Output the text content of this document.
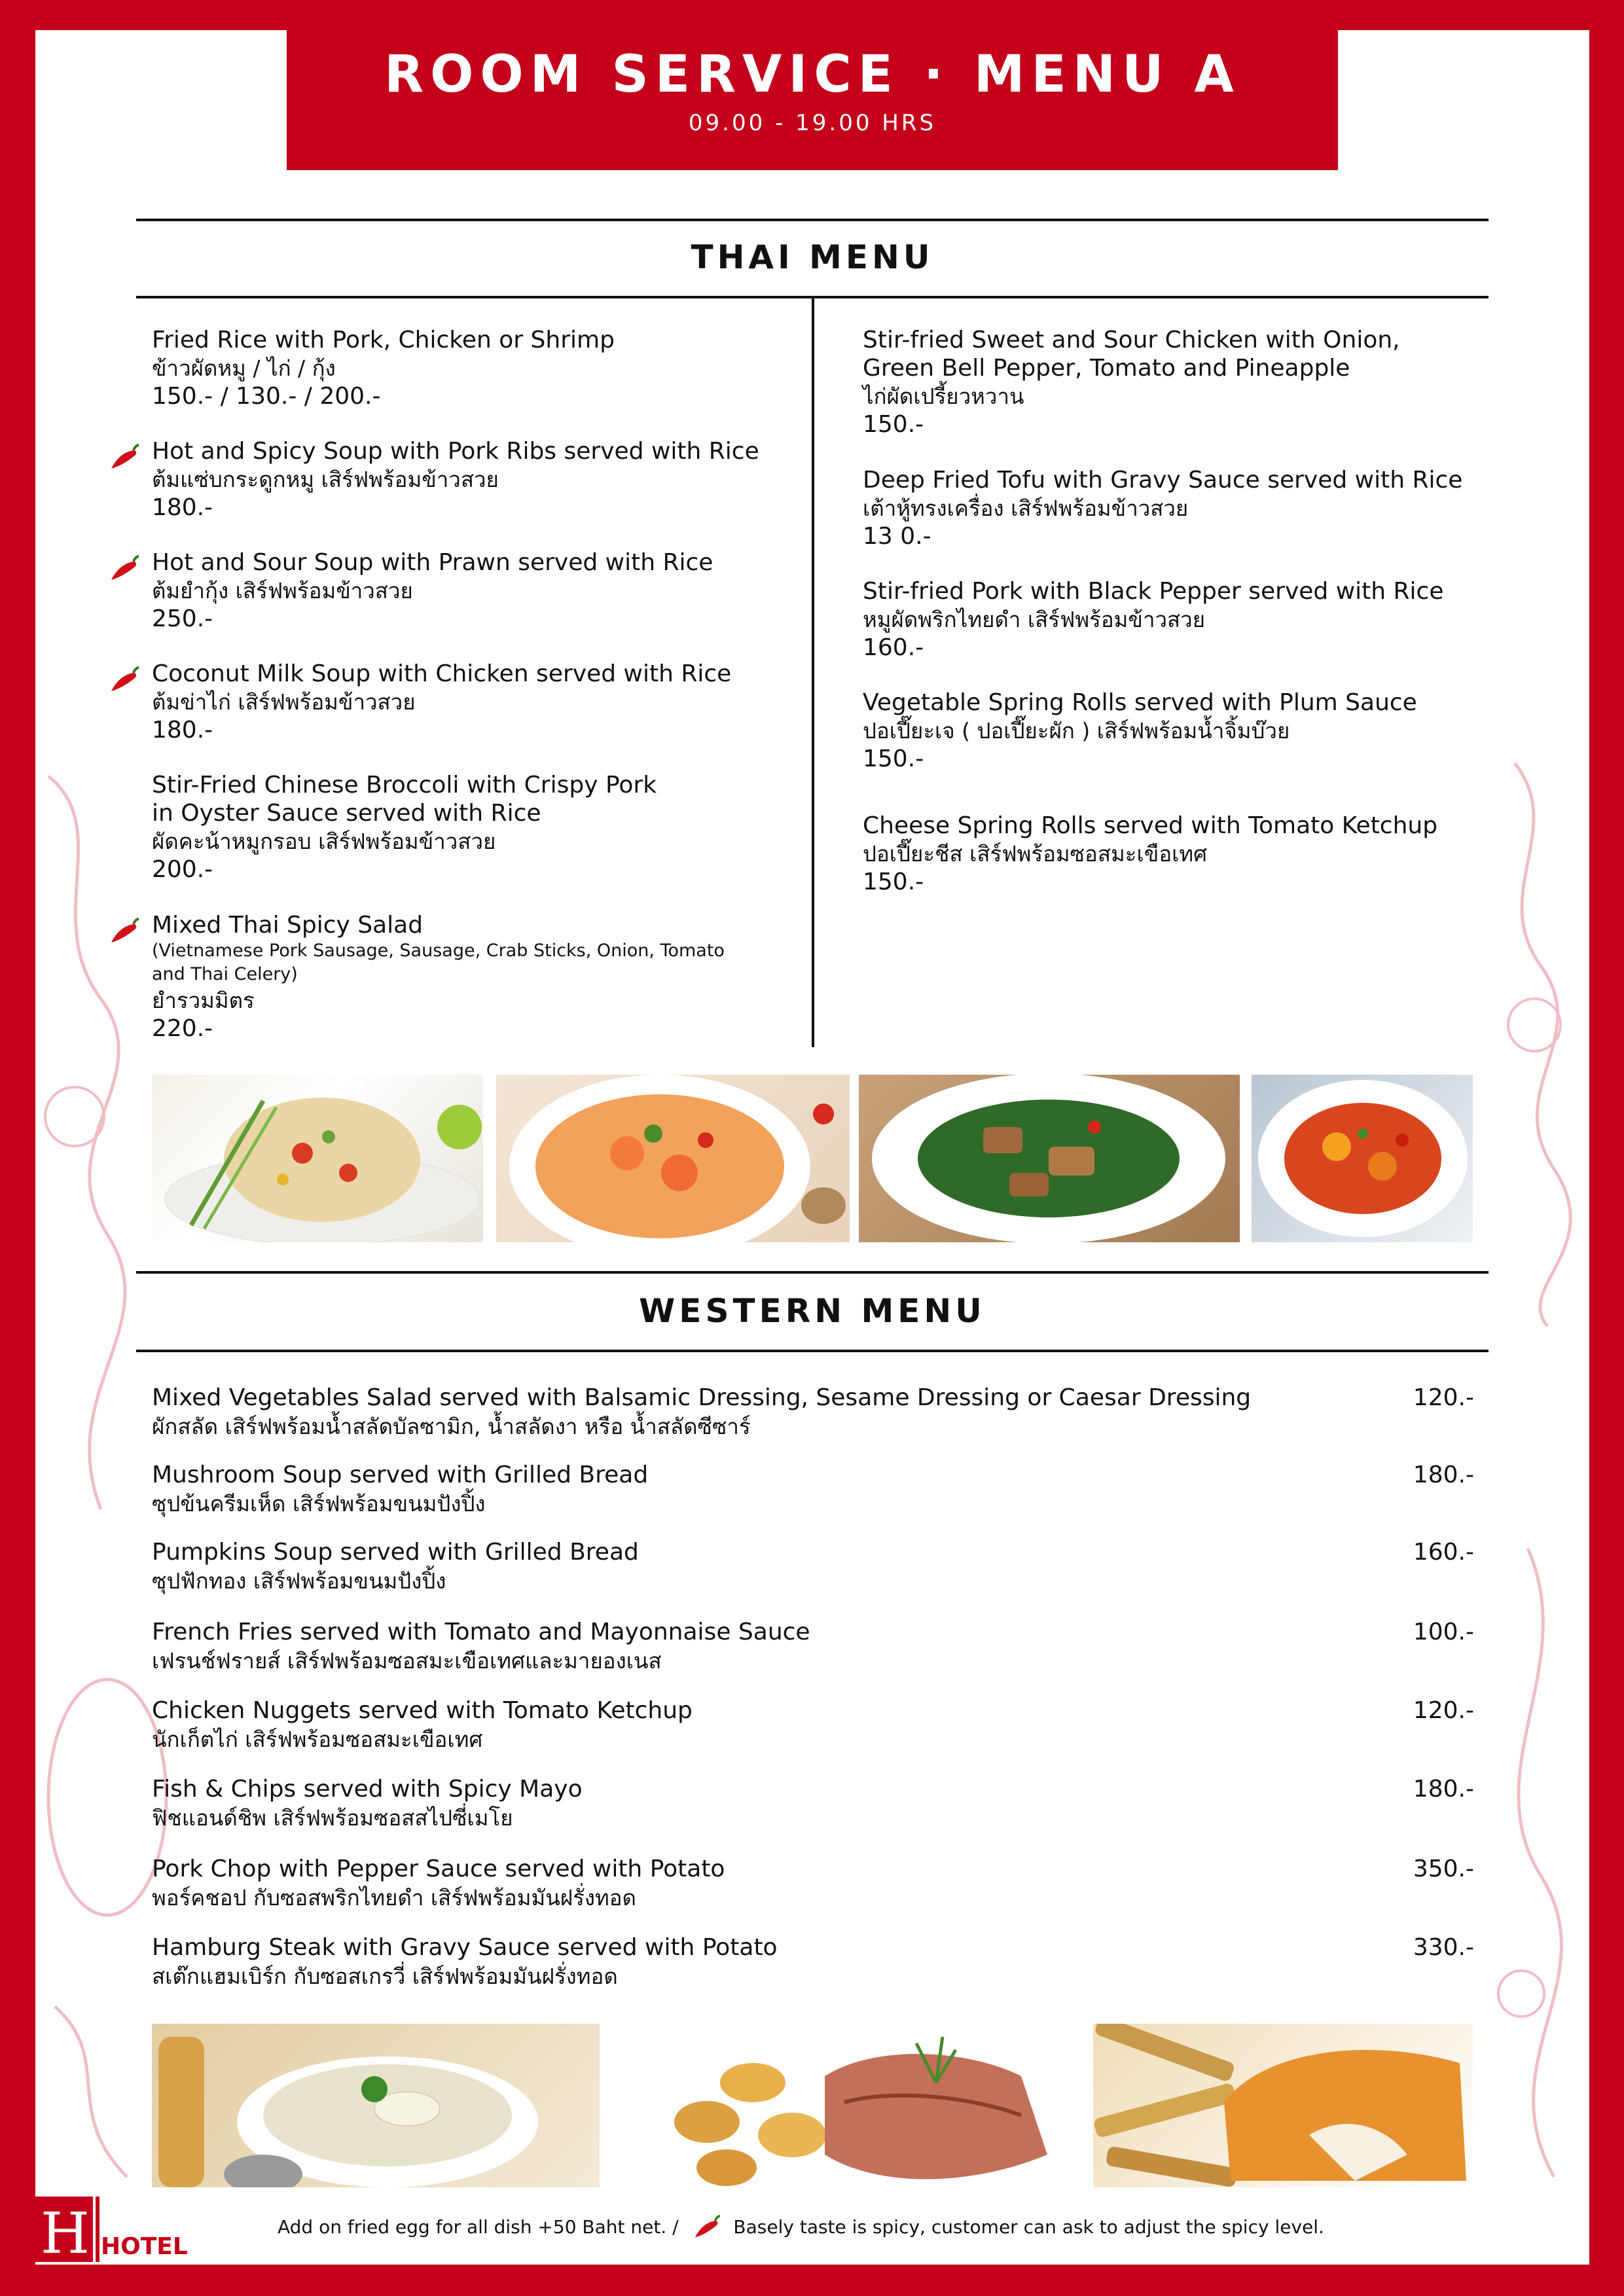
ROOM SERVICE · MENU A
09.00 - 19.00 HRS
THAI MENU
Fried Rice with Pork, Chicken or Shrimp
ข้าวผัดหมู / ไก่ / กุ้ง
150.- / 130.- / 200.-
Hot and Spicy Soup with Pork Ribs served with Rice
ต้มแซ่บกระดูกหมู เสิร์ฟพร้อมข้าวสวย
180.-
Hot and Sour Soup with Prawn served with Rice
ต้มยำกุ้ง เสิร์ฟพร้อมข้าวสวย
250.-
Coconut Milk Soup with Chicken served with Rice
ต้มข่าไก่ เสิร์ฟพร้อมข้าวสวย
180.-
Stir-Fried Chinese Broccoli with Crispy Pork
in Oyster Sauce served with Rice
ผัดคะน้าหมูกรอบ เสิร์ฟพร้อมข้าวสวย
200.-
Mixed Thai Spicy Salad
(Vietnamese Pork Sausage, Sausage, Crab Sticks, Onion, Tomato
and Thai Celery)
ยำรวมมิตร
220.-
Stir-fried Sweet and Sour Chicken with Onion,
Green Bell Pepper, Tomato and Pineapple
ไก่ผัดเปรี้ยวหวาน
150.-
Deep Fried Tofu with Gravy Sauce served with Rice
เต้าหู้ทรงเครื่อง เสิร์ฟพร้อมข้าวสวย
13 0.-
Stir-fried Pork with Black Pepper served with Rice
หมูผัดพริกไทยดำ เสิร์ฟพร้อมข้าวสวย
160.-
Vegetable Spring Rolls served with Plum Sauce
ปอเปี๊ยะเจ ( ปอเปี๊ยะผัก ) เสิร์ฟพร้อมน้ำจิ้มบ๊วย
150.-
Cheese Spring Rolls served with Tomato Ketchup
ปอเปี๊ยะชีส เสิร์ฟพร้อมซอสมะเขือเทศ
150.-
WESTERN MENU
Mixed Vegetables Salad served with Balsamic Dressing, Sesame Dressing or Caesar Dressing
ผักสลัด เสิร์ฟพร้อมน้ำสลัดบัลซามิก, น้ำสลัดงา หรือ น้ำสลัดซีซาร์
120.-
Mushroom Soup served with Grilled Bread
ซุปข้นครีมเห็ด เสิร์ฟพร้อมขนมปังปิ้ง
180.-
Pumpkins Soup served with Grilled Bread
ซุปฟักทอง เสิร์ฟพร้อมขนมปังปิ้ง
160.-
French Fries served with Tomato and Mayonnaise Sauce
เฟรนช์ฟรายส์ เสิร์ฟพร้อมซอสมะเขือเทศและมายองเนส
100.-
Chicken Nuggets served with Tomato Ketchup
นักเก็ตไก่ เสิร์ฟพร้อมซอสมะเขือเทศ
120.-
Fish & Chips served with Spicy Mayo
ฟิชแอนด์ชิพ เสิร์ฟพร้อมซอสสไปซี่เมโย
180.-
Pork Chop with Pepper Sauce served with Potato
พอร์คชอป กับซอสพริกไทยดำ เสิร์ฟพร้อมมันฝรั่งทอด
350.-
Hamburg Steak with Gravy Sauce served with Potato
สเต๊กแฮมเบิร์ก กับซอสเกรวี่ เสิร์ฟพร้อมมันฝรั่งทอด
330.-
H HOTEL
Add on fried egg for all dish +50 Baht net. /	Basely taste is spicy, customer can ask to adjust the spicy level.
